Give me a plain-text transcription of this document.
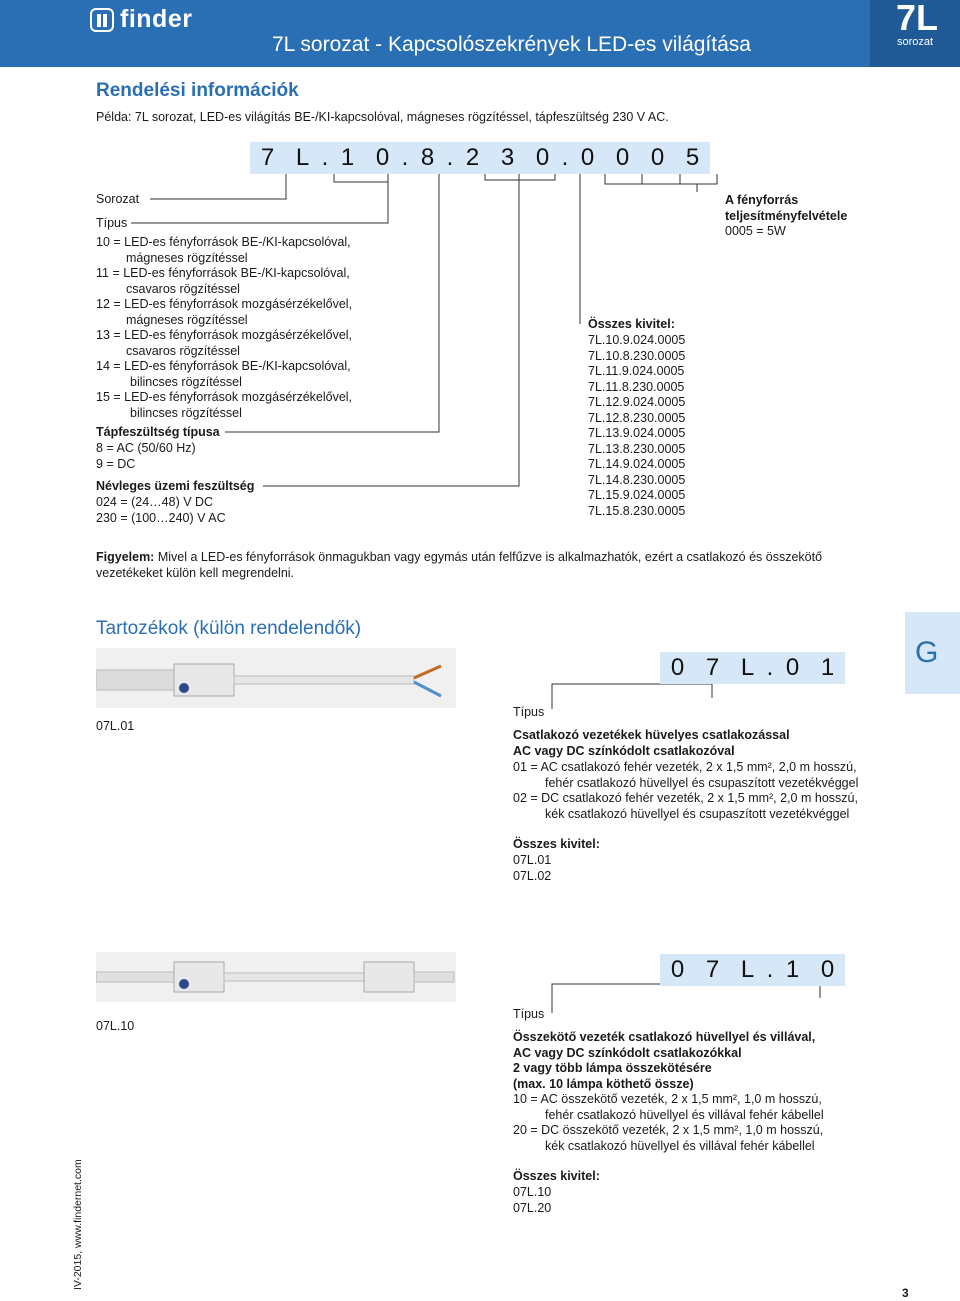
finder
7L sorozat - Kapcsolószekrények LED-es világítása
7L
sorozat
Rendelési információk
Példa: 7L sorozat, LED-es világítás BE-/KI-kapcsolóval, mágneses rögzítéssel, tápfeszültség 230 V AC.
7 L . 1 0 . 8 . 2 3 0 . 0 0 0 5
Sorozat
Típus
10 = LED-es fényforrások BE-/KI-kapcsolóval,
mágneses rögzítéssel
11 = LED-es fényforrások BE-/KI-kapcsolóval,
csavaros rögzítéssel
12 = LED-es fényforrások mozgásérzékelővel,
mágneses rögzítéssel
13 = LED-es fényforrások mozgásérzékelővel,
csavaros rögzítéssel
14 = LED-es fényforrások BE-/KI-kapcsolóval,
bilincses rögzítéssel
15 = LED-es fényforrások mozgásérzékelővel,
bilincses rögzítéssel
Tápfeszültség típusa
8 = AC (50/60 Hz)
9 = DC
Névleges üzemi feszültség
024 = (24…48) V DC
230 = (100…240) V AC
Összes kivitel:
7L.10.9.024.0005
7L.10.8.230.0005
7L.11.9.024.0005
7L.11.8.230.0005
7L.12.9.024.0005
7L.12.8.230.0005
7L.13.9.024.0005
7L.13.8.230.0005
7L.14.9.024.0005
7L.14.8.230.0005
7L.15.9.024.0005
7L.15.8.230.0005
A fényforrás
teljesítményfelvétele
0005 = 5W
Figyelem: Mivel a LED-es fényforrások önmagukban vagy egymás után felfűzve is alkalmazhatók, ezért a csatlakozó és összekötő vezetékeket külön kell megrendelni.
Tartozékok (külön rendelendők)
G
07L.01
0 7 L . 0 1
Típus
Csatlakozó vezetékek hüvelyes csatlakozással
AC vagy DC színkódolt csatlakozóval
01 = AC csatlakozó fehér vezeték, 2 x 1,5 mm², 2,0 m hosszú,
fehér csatlakozó hüvellyel és csupaszított vezetékvéggel
02 = DC csatlakozó fehér vezeték, 2 x 1,5 mm², 2,0 m hosszú,
kék csatlakozó hüvellyel és csupaszított vezetékvéggel
Összes kivitel:
07L.01
07L.02
07L.10
0 7 L . 1 0
Típus
Összekötő vezeték csatlakozó hüvellyel és villával,
AC vagy DC színkódolt csatlakozókkal
2 vagy több lámpa összekötésére
(max. 10 lámpa köthető össze)
10 = AC összekötő vezeték, 2 x 1,5 mm², 1,0 m hosszú,
fehér csatlakozó hüvellyel és villával fehér kábellel
20 = DC összekötő vezeték, 2 x 1,5 mm², 1,0 m hosszú,
kék csatlakozó hüvellyel és villával fehér kábellel
Összes kivitel:
07L.10
07L.20
IV-2015, www.findernet.com
3
